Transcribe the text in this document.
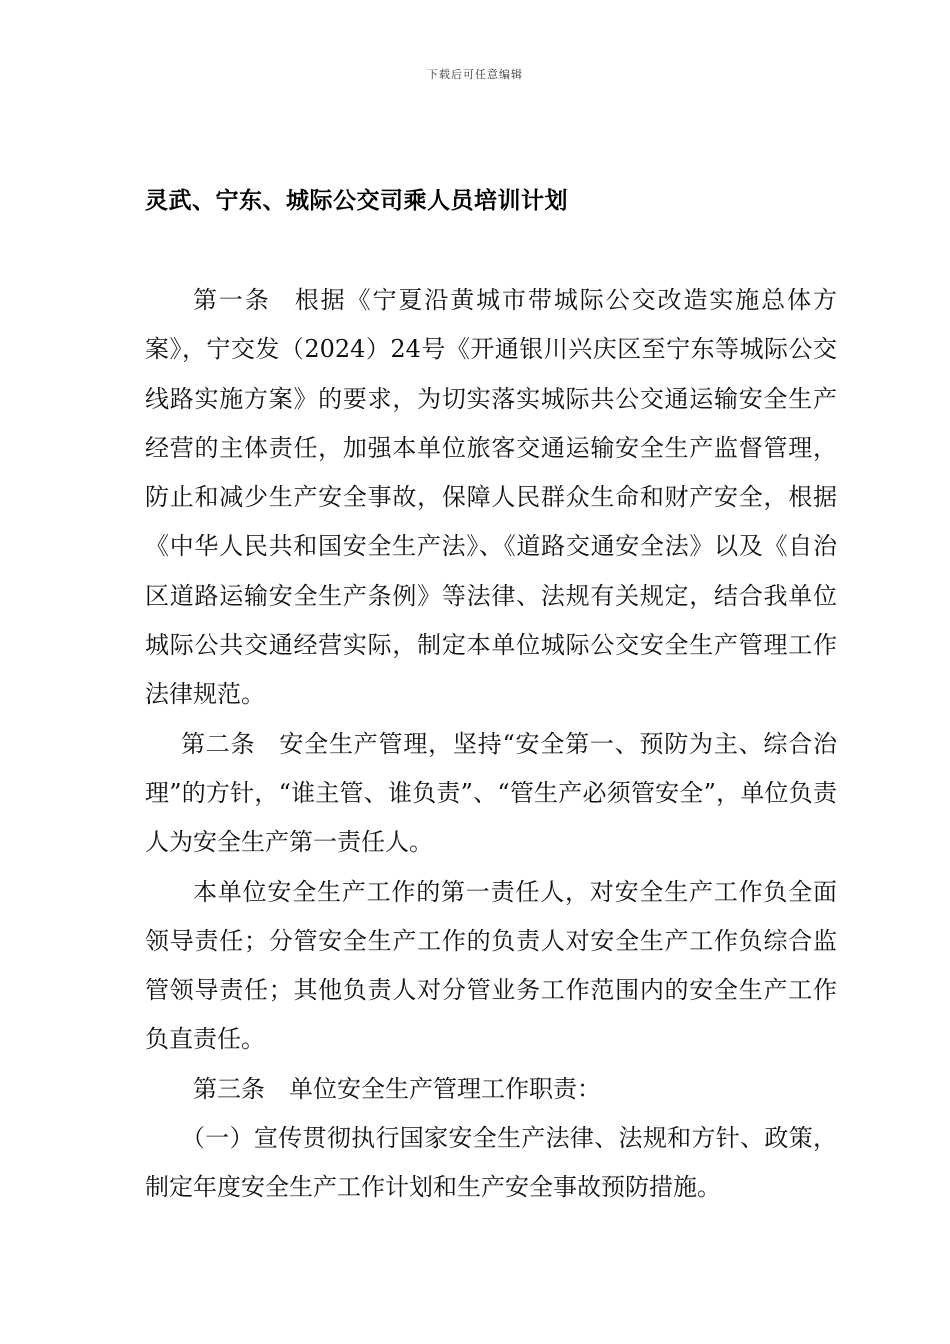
下载后可任意编辑
灵武、宁东、城际公交司乘人员培训计划

第一条 根据《宁夏沿黄城市带城际公交改造实施总体方案》，宁交发（2024）24号《开通银川兴庆区至宁东等城际公交线路实施方案》的要求，为切实落实城际共公交通运输安全生产经营的主体责任，加强本单位旅客交通运输安全生产监督管理，防止和减少生产安全事故，保障人民群众生命和财产安全，根据《中华人民共和国安全生产法》、《道路交通安全法》以及《自治区道路运输安全生产条例》等法律、法规有关规定，结合我单位城际公共交通经营实际，制定本单位城际公交安全生产管理工作法律规范。

第二条 安全生产管理，坚持“安全第一、预防为主、综合治理”的方针，“谁主管、谁负责”、“管生产必须管安全”，单位负责人为安全生产第一责任人。

本单位安全生产工作的第一责任人，对安全生产工作负全面领导责任；分管安全生产工作的负责人对安全生产工作负综合监管领导责任；其他负责人对分管业务工作范围内的安全生产工作负直责任。

第三条 单位安全生产管理工作职责：

（一）宣传贯彻执行国家安全生产法律、法规和方针、政策，制定年度安全生产工作计划和生产安全事故预防措施。
